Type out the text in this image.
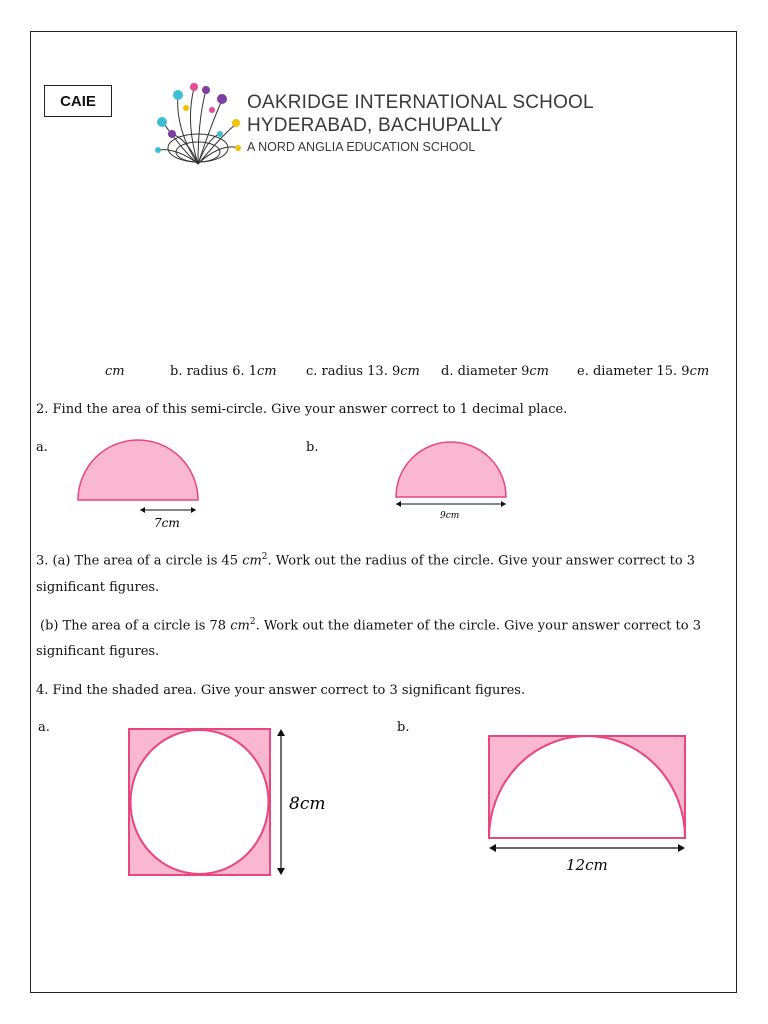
CAIE	OAKRIDGE INTERNATIONAL SCHOOL
HYDERABAD, BACHUPALLY
A NORD ANGLIA EDUCATION SCHOOL
cm	b. radius 6. 1cm c. radius 13. 9cm d. diameter 9cm e. diameter 15. 9cm
2. Find the area of this semi-circle. Give your answer correct to 1 decimal place.
a.	b.
7cm	9cm
3. (a) The area of a circle is 45 $cm^2$. Work out the radius of the circle. Give your answer correct to 3
significant figures.
(b) The area of a circle is 78 $cm^2$. Work out the diameter of the circle. Give your answer correct to 3
significant figures.
4. Find the shaded area. Give your answer correct to 3 significant figures.
a.	b.
8cm
12cm
